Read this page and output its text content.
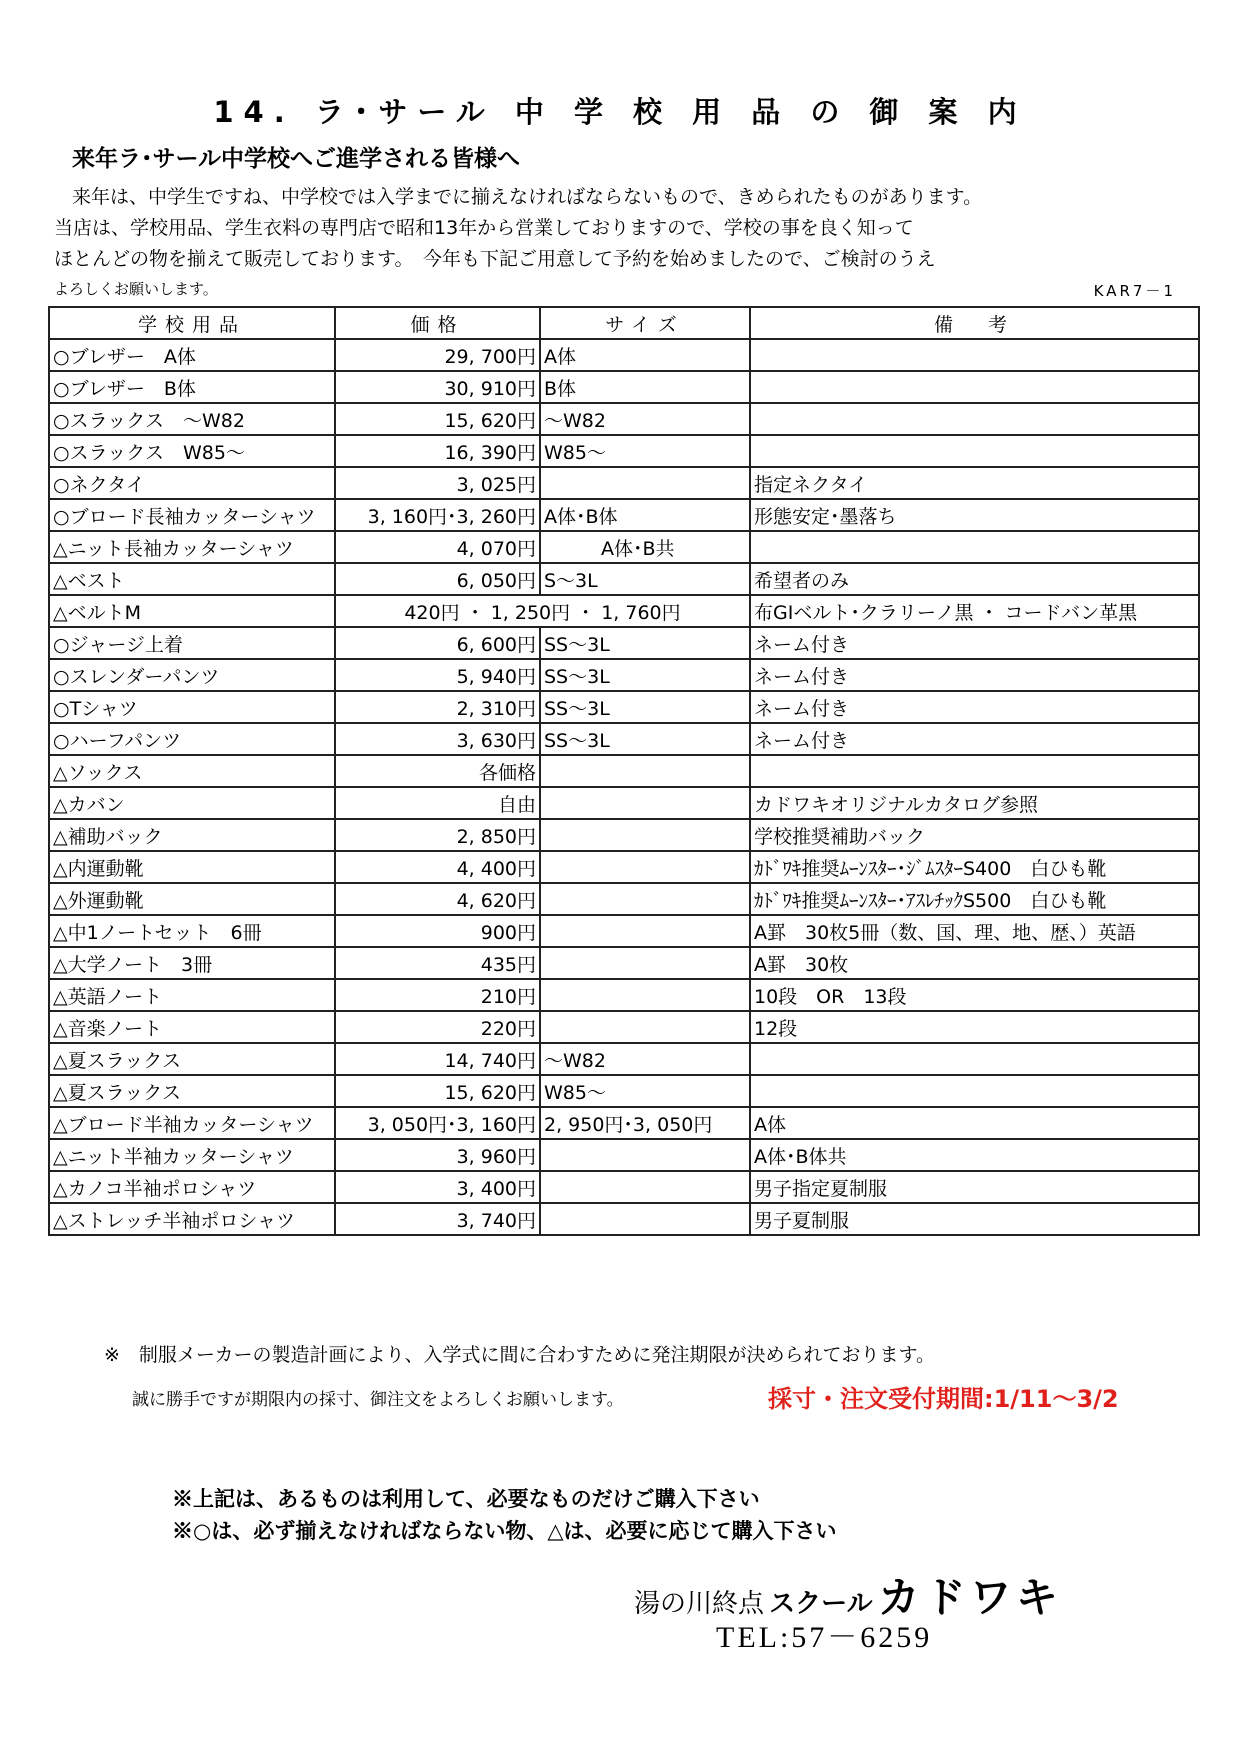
14. ラ･サール 中 学 校 用 品 の 御 案 内
来年ラ･サール中学校へご進学される皆様へ
来年は、中学生ですね、中学校では入学までに揃えなければならないもので、きめられたものがあります。
当店は、学校用品、学生衣料の専門店で昭和13年から営業しておりますので、学校の事を良く知って
ほとんどの物を揃えて販売しております。　今年も下記ご用意して予約を始めましたので、ご検討のうえ
よろしくお願いします。	KAR7－1
学校用品	価格	サイズ	備　考
○ブレザー　A体	29, 700円	A体	
○ブレザー　B体	30, 910円	B体	
○スラックス　～W82	15, 620円	～W82	
○スラックス　W85～	16, 390円	W85～	
○ネクタイ	3, 025円		指定ネクタイ
○ブロード長袖カッターシャツ	3, 160円･3, 260円	A体･B体	形態安定･墨落ち
△ニット長袖カッターシャツ	4, 070円	A体･B共	
△ベスト	6, 050円	S～3L	希望者のみ
△ベルトM	420円 ・ 1, 250円 ・ 1, 760円		布GIベルト･クラリーノ黒 ・ コードバン革黒
○ジャージ上着	6, 600円	SS～3L	ネーム付き
○スレンダーパンツ	5, 940円	SS～3L	ネーム付き
○Tシャツ	2, 310円	SS～3L	ネーム付き
○ハーフパンツ	3, 630円	SS～3L	ネーム付き
△ソックス	各価格		
△カバン	自由		カドワキオリジナルカタログ参照
△補助バック	2, 850円		学校推奨補助バック
△内運動靴	4, 400円		ｶﾄﾞﾜｷ推奨ﾑｰﾝｽﾀｰ･ｼﾞﾑｽﾀｰS400　白ひも靴
△外運動靴	4, 620円		ｶﾄﾞﾜｷ推奨ﾑｰﾝｽﾀｰ･ｱｽﾚﾁｯｸS500　白ひも靴
△中1ノートセット　6冊	900円		A罫　30枚5冊（数、国、理、地、歴、）英語
△大学ノート　3冊	435円		A罫　30枚
△英語ノート	210円		10段　OR　13段
△音楽ノート	220円		12段
△夏スラックス	14, 740円	～W82	
△夏スラックス	15, 620円	W85～	
△ブロード半袖カッターシャツ	3, 050円･3, 160円	2, 950円･3, 050円	A体
△ニット半袖カッターシャツ	3, 960円		A体･B体共
△カノコ半袖ポロシャツ	3, 400円		男子指定夏制服
△ストレッチ半袖ポロシャツ	3, 740円		男子夏制服
※　制服メーカーの製造計画により、入学式に間に合わすために発注期限が決められております。
誠に勝手ですが期限内の採寸、御注文をよろしくお願いします。	採寸・注文受付期間:1/11～3/2
※上記は、あるものは利用して、必要なものだけご購入下さい
※○は、必ず揃えなければならない物、△は、必要に応じて購入下さい
湯の川終点 スクール カドワキ
TEL:57－6259
